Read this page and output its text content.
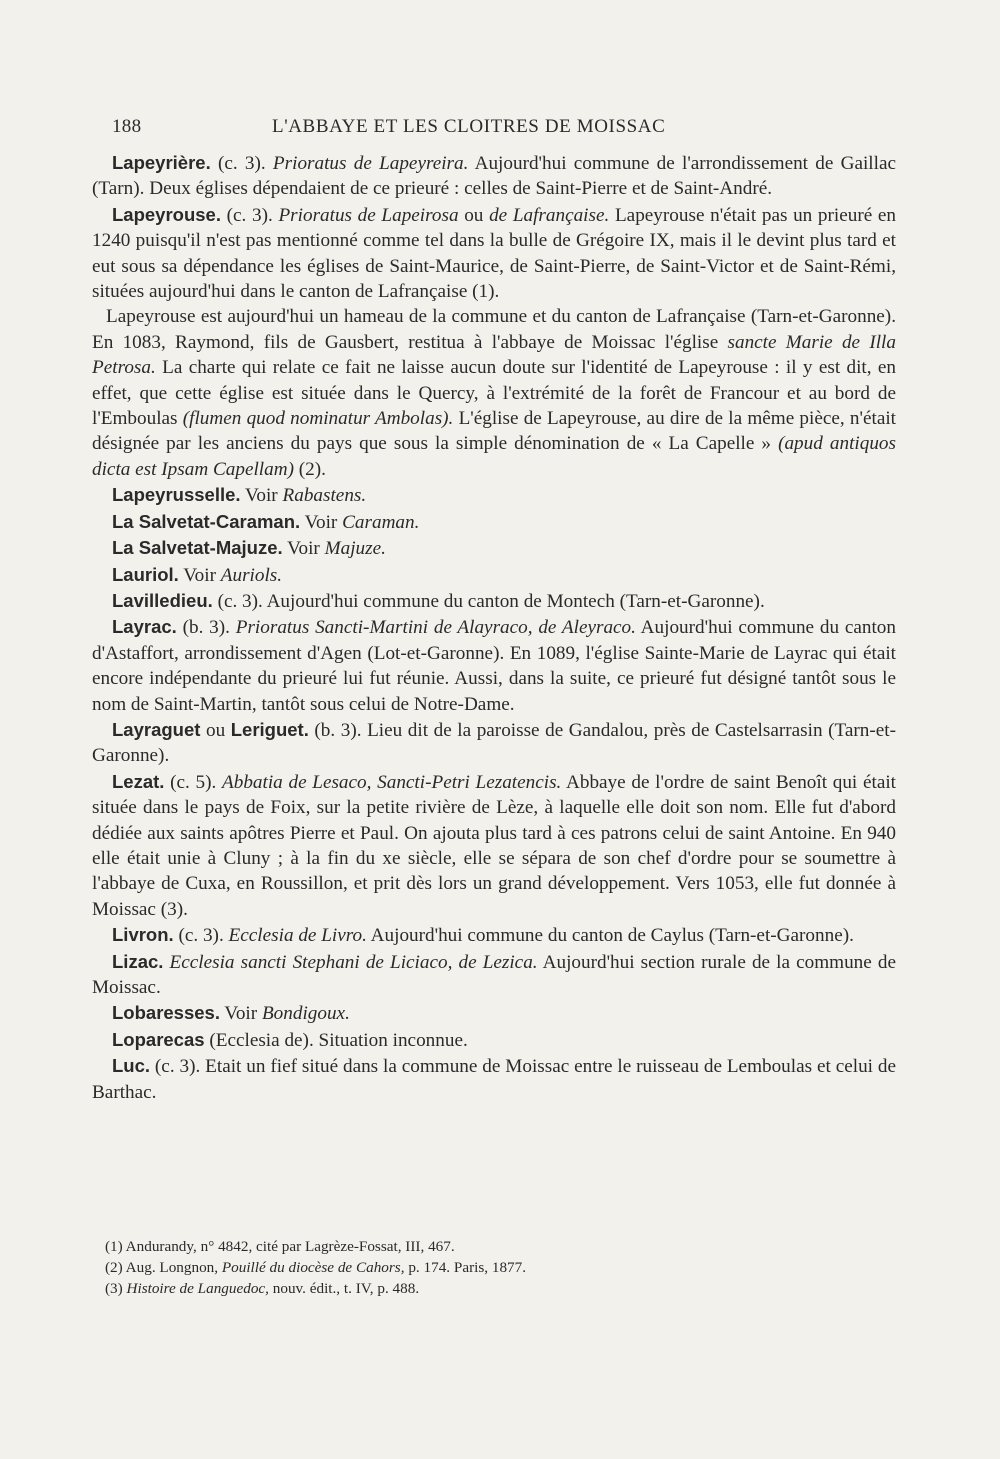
188	L'ABBAYE ET LES CLOITRES DE MOISSAC

Lapeyrière. (c. 3). Prioratus de Lapeyreira. Aujourd'hui commune de l'arrondissement de Gaillac (Tarn). Deux églises dépendaient de ce prieuré : celles de Saint-Pierre et de Saint-André.

Lapeyrouse. (c. 3). Prioratus de Lapeirosa ou de Lafrançaise. Lapeyrouse n'était pas un prieuré en 1240 puisqu'il n'est pas mentionné comme tel dans la bulle de Grégoire IX, mais il le devint plus tard et eut sous sa dépendance les églises de Saint-Maurice, de Saint-Pierre, de Saint-Victor et de Saint-Rémi, situées aujourd'hui dans le canton de Lafrançaise (1).

Lapeyrouse est aujourd'hui un hameau de la commune et du canton de Lafrançaise (Tarn-et-Garonne). En 1083, Raymond, fils de Gausbert, restitua à l'abbaye de Moissac l'église sancte Marie de Illa Petrosa. La charte qui relate ce fait ne laisse aucun doute sur l'identité de Lapeyrouse : il y est dit, en effet, que cette église est située dans le Quercy, à l'extrémité de la forêt de Francour et au bord de l'Emboulas (flumen quod nominatur Ambolas). L'église de Lapeyrouse, au dire de la même pièce, n'était désignée par les anciens du pays que sous la simple dénomination de « La Capelle » (apud antiquos dicta est Ipsam Capellam) (2).

Lapeyrusselle. Voir Rabastens.

La Salvetat-Caraman. Voir Caraman.

La Salvetat-Majuze. Voir Majuze.

Lauriol. Voir Auriols.

Lavilledieu. (c. 3). Aujourd'hui commune du canton de Montech (Tarn-et-Garonne).

Layrac. (b. 3). Prioratus Sancti-Martini de Alayraco, de Aleyraco. Aujourd'hui commune du canton d'Astaffort, arrondissement d'Agen (Lot-et-Garonne). En 1089, l'église Sainte-Marie de Layrac qui était encore indépendante du prieuré lui fut réunie. Aussi, dans la suite, ce prieuré fut désigné tantôt sous le nom de Saint-Martin, tantôt sous celui de Notre-Dame.

Layraguet ou Leriguet. (b. 3). Lieu dit de la paroisse de Gandalou, près de Castelsarrasin (Tarn-et-Garonne).

Lezat. (c. 5). Abbatia de Lesaco, Sancti-Petri Lezatencis. Abbaye de l'ordre de saint Benoît qui était située dans le pays de Foix, sur la petite rivière de Lèze, à laquelle elle doit son nom. Elle fut d'abord dédiée aux saints apôtres Pierre et Paul. On ajouta plus tard à ces patrons celui de saint Antoine. En 940 elle était unie à Cluny ; à la fin du xe siècle, elle se sépara de son chef d'ordre pour se soumettre à l'abbaye de Cuxa, en Roussillon, et prit dès lors un grand développement. Vers 1053, elle fut donnée à Moissac (3).

Livron. (c. 3). Ecclesia de Livro. Aujourd'hui commune du canton de Caylus (Tarn-et-Garonne).

Lizac. Ecclesia sancti Stephani de Liciaco, de Lezica. Aujourd'hui section rurale de la commune de Moissac.

Lobaresses. Voir Bondigoux.

Loparecas (Ecclesia de). Situation inconnue.

Luc. (c. 3). Etait un fief situé dans la commune de Moissac entre le ruisseau de Lemboulas et celui de Barthac.

(1) Andurandy, n° 4842, cité par Lagrèze-Fossat, III, 467.

(2) Aug. Longnon, Pouillé du diocèse de Cahors, p. 174. Paris, 1877.

(3) Histoire de Languedoc, nouv. édit., t. IV, p. 488.
